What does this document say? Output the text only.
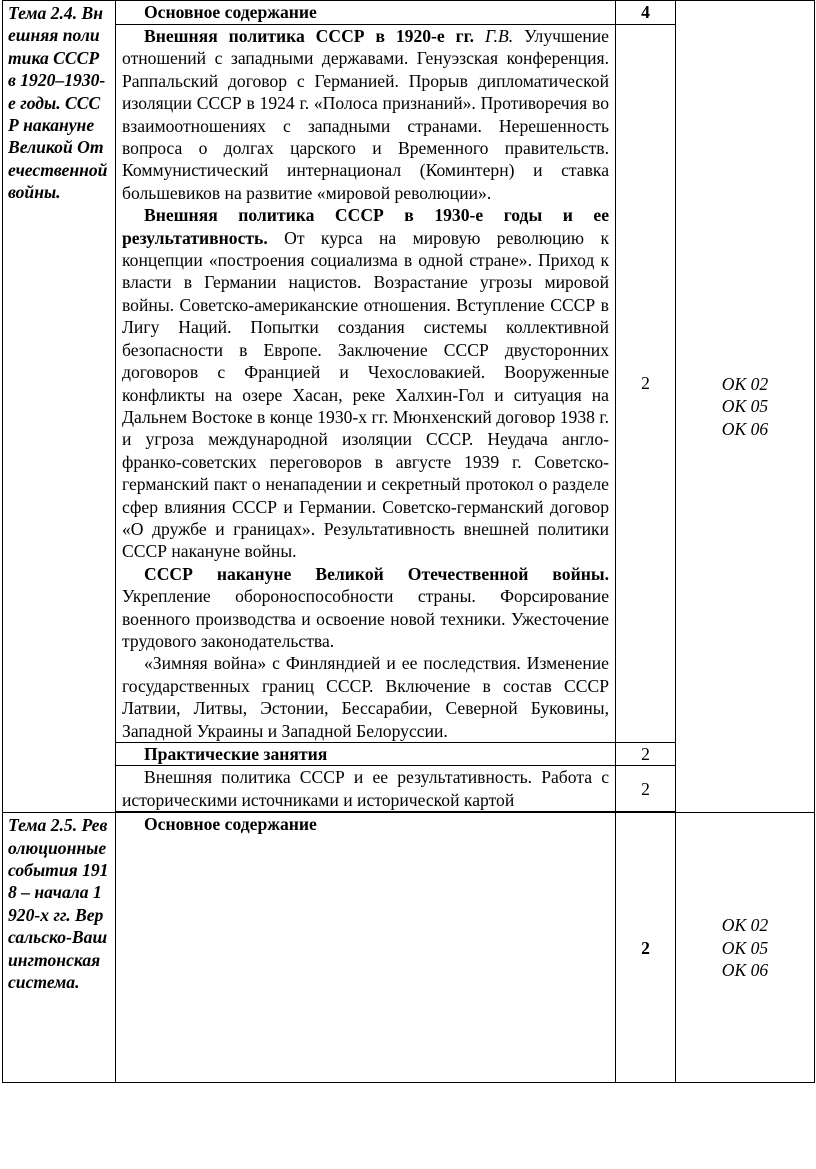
Тема 2.4. Внешняя политика СССР в 1920–1930-е годы. СССР накануне Великой Отечественной войны.	Основное содержание	4	ОК 02
ОК 05
ОК 06

	Внешняя политика СССР в 1920-е гг. Г.В. Улучшение отношений с западными державами. Генуэзская конференция. Раппальский договор с Германией. Прорыв дипломатической изоляции СССР в 1924 г. «Полоса признаний». Противоречия во взаимоотношениях с западными странами. Нерешенность вопроса о долгах царского и Временного правительств. Коммунистический интернационал (Коминтерн) и ставка большевиков на развитие «мировой революции».

Внешняя политика СССР в 1930-е годы и ее результативность. От курса на мировую революцию к концепции «построения социализма в одной стране». Приход к власти в Германии нацистов. Возрастание угрозы мировой войны. Советско-американские отношения. Вступление СССР в Лигу Наций. Попытки создания системы коллективной безопасности в Европе. Заключение СССР двусторонних договоров с Францией и Чехословакией. Вооруженные конфликты на озере Хасан, реке Халхин-Гол и ситуация на Дальнем Востоке в конце 1930-х гг. Мюнхенский договор 1938 г. и угроза международной изоляции СССР. Неудача англо-франко-советских переговоров в августе 1939 г. Советско-германский пакт о ненападении и секретный протокол о разделе сфер влияния СССР и Германии. Советско-германский договор «О дружбе и границах». Результативность внешней политики СССР накануне войны.

СССР накануне Великой Отечественной войны. Укрепление обороноспособности страны. Форсирование военного производства и освоение новой техники. Ужесточение трудового законодательства.

«Зимняя война» с Финляндией и ее последствия. Изменение государственных границ СССР. Включение в состав СССР Латвии, Литвы, Эстонии, Бессарабии, Северной Буковины, Западной Украины и Западной Белоруссии.	2	
	Практические занятия	2	
	Внешняя политика СССР и ее результативность. Работа с историческими источниками и исторической картой	2	

Тема 2.5. Революционные события 1918 – начала 1920-х гг. Версальско-Вашингтонская система.	Основное содержание	2	ОК 02
ОК 05
ОК 06
